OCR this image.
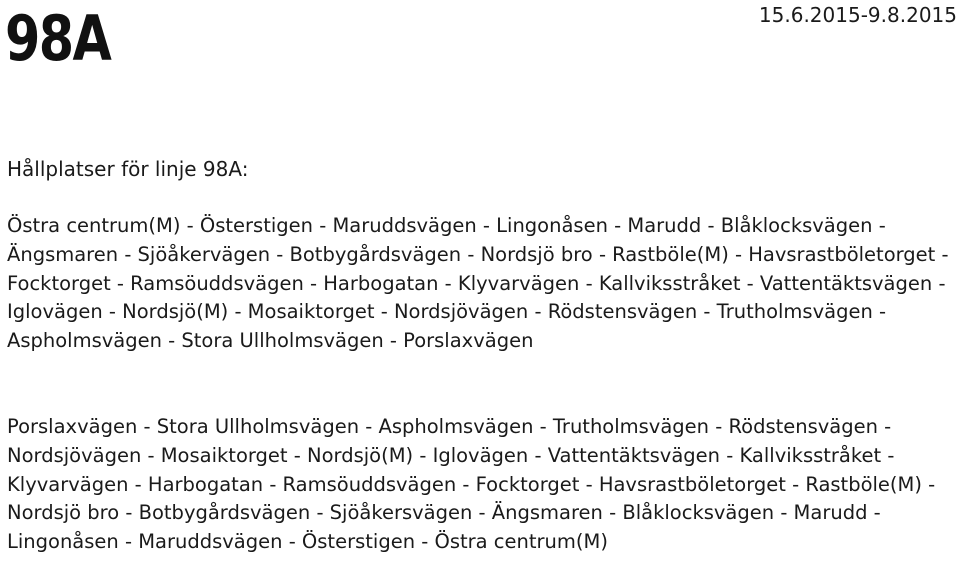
98A	15.6.2015-9.8.2015
Hållplatser för linje 98A:

Östra centrum(M) - Österstigen - Maruddsvägen - Lingonåsen - Marudd - Blåklocksvägen - Ängsmaren - Sjöåkervägen - Botbygårdsvägen - Nordsjö bro - Rastböle(M) - Havsrastböletorget - Focktorget - Ramsöuddsvägen - Harbogatan - Klyvarvägen - Kallviksstråket - Vattentäktsvägen - Iglovägen - Nordsjö(M) - Mosaiktorget - Nordsjövägen - Rödstensvägen - Trutholmsvägen - Aspholmsvägen - Stora Ullholmsvägen - Porslaxvägen

Porslaxvägen - Stora Ullholmsvägen - Aspholmsvägen - Trutholmsvägen - Rödstensvägen - Nordsjövägen - Mosaiktorget - Nordsjö(M) - Iglovägen - Vattentäktsvägen - Kallviksstråket - Klyvarvägen - Harbogatan - Ramsöuddsvägen - Focktorget - Havsrastböletorget - Rastböle(M) - Nordsjö bro - Botbygårdsvägen - Sjöåkersvägen - Ängsmaren - Blåklocksvägen - Marudd - Lingonåsen - Maruddsvägen - Österstigen - Östra centrum(M)
